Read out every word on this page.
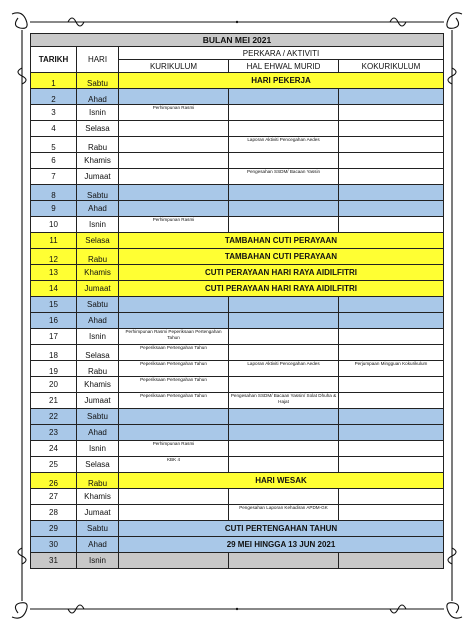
BULAN MEI 2021				
TARIKH	HARI	PERKARA / AKTIVITI		
		KURIKULUM	HAL EHWAL MURID	KOKURIKULUM
1	Sabtu	HARI PEKERJA		
2	Ahad			
3	Isnin	Perhimpunan Rasmi		
4	Selasa			
5	Rabu		Laporan Aktiviti Pencegahan Aedes	
6	Khamis			
7	Jumaat		Pengesahan SSDM/ Bacaan Yassin	
8	Sabtu			
9	Ahad			
10	Isnin	Perhimpunan Rasmi		
11	Selasa	TAMBAHAN CUTI PERAYAAN		
12	Rabu	TAMBAHAN CUTI PERAYAAN		
13	Khamis	CUTI PERAYAAN HARI RAYA AIDILFITRI		
14	Jumaat	CUTI PERAYAAN HARI RAYA AIDILFITRI		
15	Sabtu			
16	Ahad			
17	Isnin	Perhimpunan Rasmi Peperiksaan Pertengahan Tahun		
18	Selasa	Peperiksaan Pertengahan Tahun		
19	Rabu	Peperiksaan Pertengahan Tahun	Laporan Aktiviti Pencegahan Aedes	Perjumpaan Mingguan Kokurikulum
20	Khamis	Peperiksaan Pertengahan Tahun		
21	Jumaat	Peperiksaan Pertengahan Tahun	Pengesahan SSDM/ Bacaan Yassin/ Solat Dhuha & Hajat	
22	Sabtu			
23	Ahad			
24	Isnin	Perhimpunan Rasmi		
25	Selasa	KBK 4		
26	Rabu	HARI WESAK		
27	Khamis			
28	Jumaat		Pengesahan Laporan Kehadiran APDM-GK	
29	Sabtu	CUTI PERTENGAHAN TAHUN		
30	Ahad	29 MEI HINGGA 13 JUN 2021		
31	Isnin			
